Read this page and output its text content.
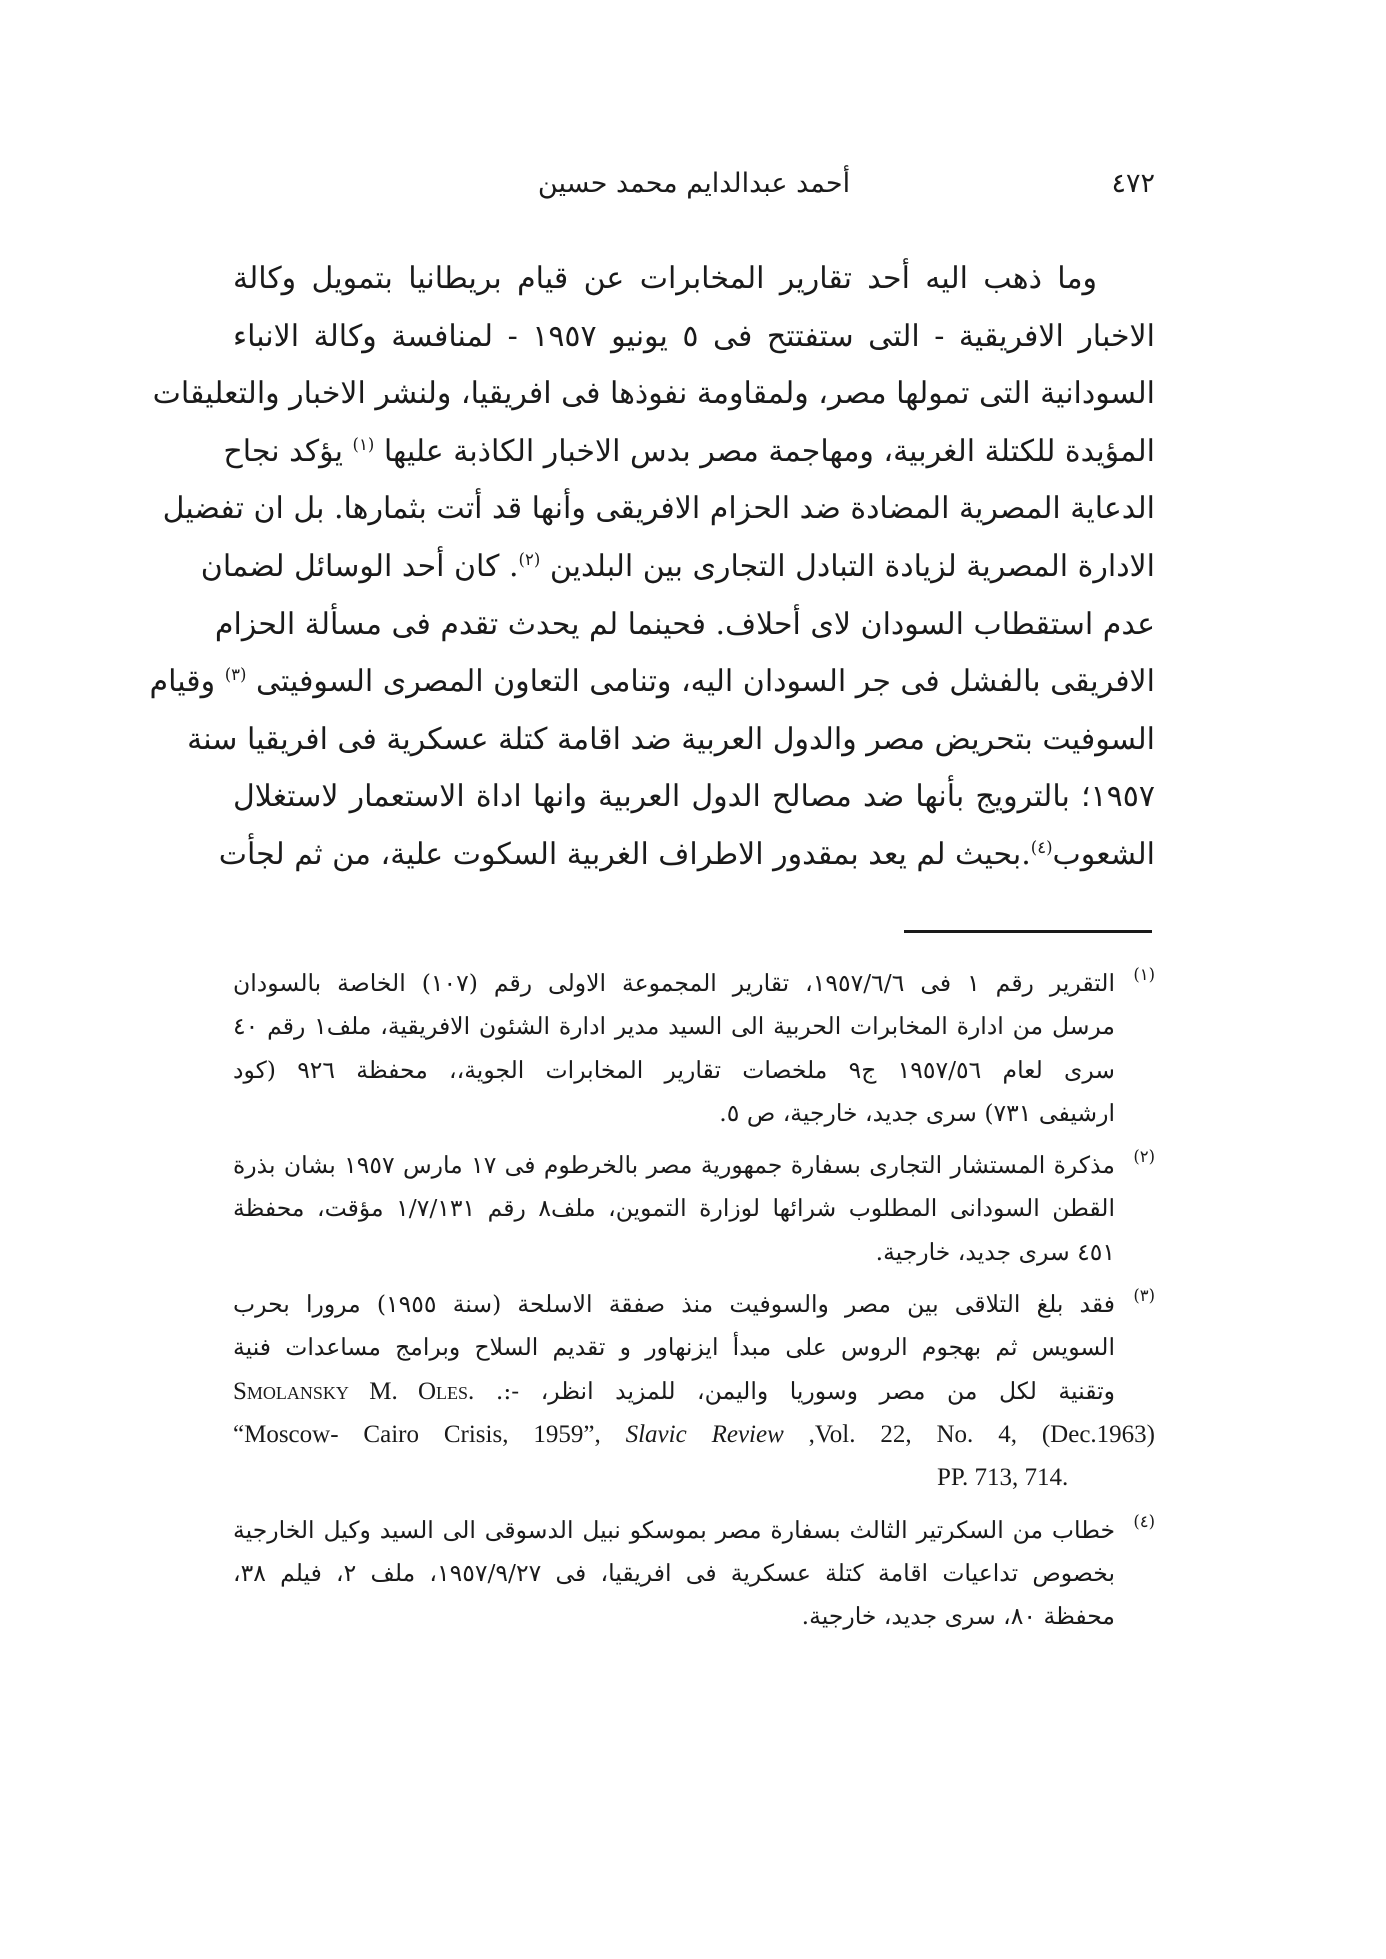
٤٧٢
أحمد عبدالدايم محمد حسين
وما ذهب اليه أحد تقارير المخابرات عن قيام بريطانيا بتمويل وكالة
الاخبار الافريقية - التى ستفتتح فى ٥ يونيو ١٩٥٧ - لمنافسة وكالة الانباء
السودانية التى تمولها مصر، ولمقاومة نفوذها فى افريقيا، ولنشر الاخبار والتعليقات
المؤيدة للكتلة الغربية، ومهاجمة مصر بدس الاخبار الكاذبة عليها $^{(١)}$ يؤكد نجاح
الدعاية المصرية المضادة ضد الحزام الافريقى وأنها قد أتت بثمارها. بل ان تفضيل
الادارة المصرية لزيادة التبادل التجارى بين البلدين $^{(٢)}$. كان أحد الوسائل لضمان
عدم استقطاب السودان لاى أحلاف. فحينما لم يحدث تقدم فى مسألة الحزام
الافريقى بالفشل فى جر السودان اليه، وتنامى التعاون المصرى السوفيتى $^{(٣)}$ وقيام
السوفيت بتحريض مصر والدول العربية ضد اقامة كتلة عسكرية فى افريقيا سنة
١٩٥٧؛ بالترويج بأنها ضد مصالح الدول العربية وانها اداة الاستعمار لاستغلال
الشعوب$^{(٤)}$.بحيث لم يعد بمقدور الاطراف الغربية السكوت علية، من ثم لجأت
(١)التقرير رقم ١ فى ١٩٥٧/٦/٦، تقارير المجموعة الاولى رقم (١٠٧) الخاصة بالسودان
مرسل من ادارة المخابرات الحربية الى السيد مدير ادارة الشئون الافريقية، ملف١ رقم ٤٠
سرى لعام ١٩٥٧/٥٦ ج٩ ملخصات تقارير المخابرات الجوية،، محفظة ٩٢٦ (كود
ارشيفى ٧٣١) سرى جديد، خارجية، ص ٥.
(٢)مذكرة المستشار التجارى بسفارة جمهورية مصر بالخرطوم فى ١٧ مارس ١٩٥٧ بشان بذرة
القطن السودانى المطلوب شرائها لوزارة التموين، ملف٨ رقم ١/٧/١٣١ مؤقت، محفظة
٤٥١ سرى جديد، خارجية.
(٣)فقد بلغ التلاقى بين مصر والسوفيت منذ صفقة الاسلحة (سنة ١٩٥٥) مرورا بحرب
السويس ثم بهجوم الروس على مبدأ ايزنهاور و تقديم السلاح وبرامج مساعدات فنية
وتقنية لكل من مصر وسوريا واليمن، للمزيد انظر، -:. Smolansky M. Oles.
“Moscow- Cairo Crisis, 1959”, Slavic Review ,Vol. 22, No. 4, (Dec.1963)
PP. 713, 714.
(٤)خطاب من السكرتير الثالث بسفارة مصر بموسكو نبيل الدسوقى الى السيد وكيل الخارجية
بخصوص تداعيات اقامة كتلة عسكرية فى افريقيا، فى ١٩٥٧/٩/٢٧، ملف ٢، فيلم ٣٨،
محفظة ٨٠، سرى جديد، خارجية.
